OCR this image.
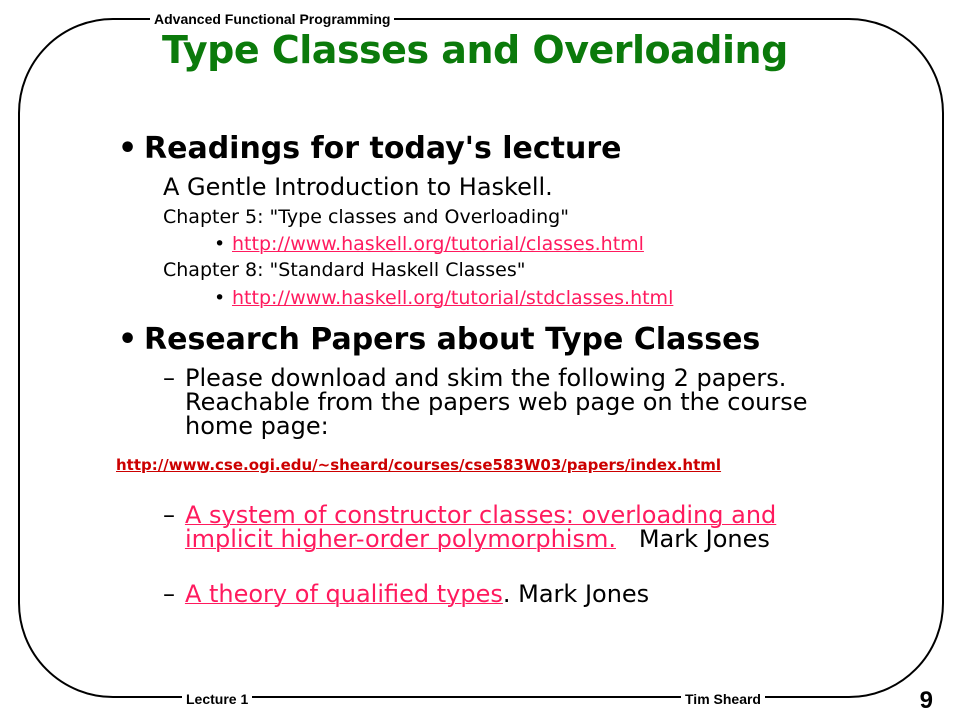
Advanced Functional Programming
Type Classes and Overloading
• Readings for today's lecture
A Gentle Introduction to Haskell.
Chapter 5: "Type classes and Overloading"
• http://www.haskell.org/tutorial/classes.html
Chapter 8: "Standard Haskell Classes"
• http://www.haskell.org/tutorial/stdclasses.html
• Research Papers about Type Classes
– Please download and skim the following 2 papers. Reachable from the papers web page on the course home page:
http://www.cse.ogi.edu/~sheard/courses/cse583W03/papers/index.html
– A system of constructor classes: overloading and implicit higher-order polymorphism. Mark Jones
– A theory of qualified types. Mark Jones
Lecture 1	Tim Sheard	9
